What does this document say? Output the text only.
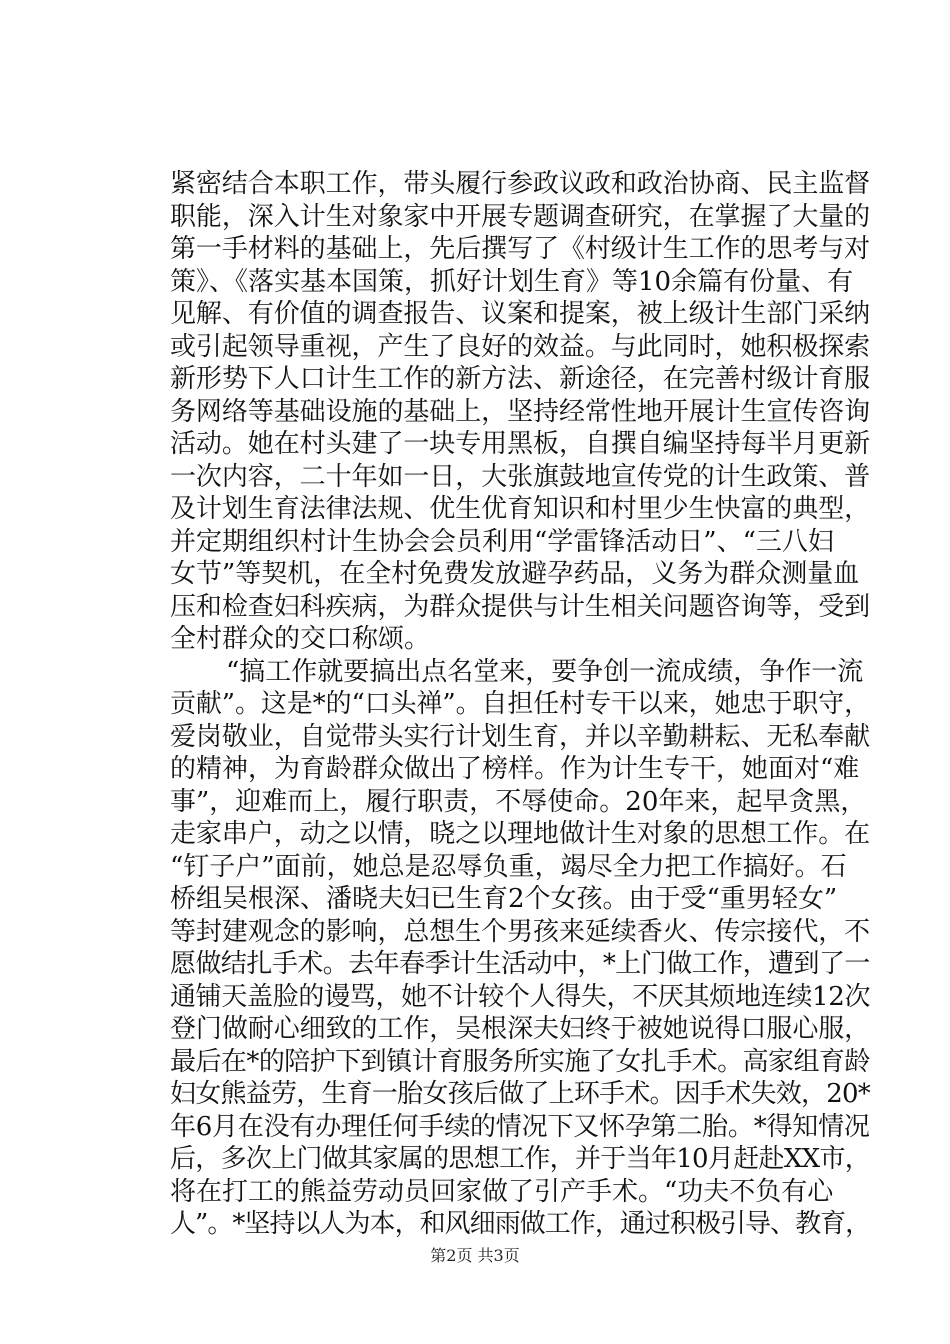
紧密结合本职工作，带头履行参政议政和政治协商、民主监督
职能，深入计生对象家中开展专题调查研究，在掌握了大量的
第一手材料的基础上，先后撰写了《村级计生工作的思考与对
策》、《落实基本国策，抓好计划生育》等10余篇有份量、有
见解、有价值的调查报告、议案和提案，被上级计生部门采纳
或引起领导重视，产生了良好的效益。与此同时，她积极探索
新形势下人口计生工作的新方法、新途径，在完善村级计育服
务网络等基础设施的基础上，坚持经常性地开展计生宣传咨询
活动。她在村头建了一块专用黑板，自撰自编坚持每半月更新
一次内容，二十年如一日，大张旗鼓地宣传党的计生政策、普
及计划生育法律法规、优生优育知识和村里少生快富的典型，
并定期组织村计生协会会员利用“学雷锋活动日”、“三八妇
女节”等契机，在全村免费发放避孕药品，义务为群众测量血
压和检查妇科疾病，为群众提供与计生相关问题咨询等，受到
全村群众的交口称颂。
“搞工作就要搞出点名堂来，要争创一流成绩，争作一流
贡献”。这是*的“口头禅”。自担任村专干以来，她忠于职守，
爱岗敬业，自觉带头实行计划生育，并以辛勤耕耘、无私奉献
的精神，为育龄群众做出了榜样。作为计生专干，她面对“难
事”，迎难而上，履行职责，不辱使命。20年来，起早贪黑，
走家串户，动之以情，晓之以理地做计生对象的思想工作。在
“钉子户”面前，她总是忍辱负重，竭尽全力把工作搞好。石
桥组吴根深、潘晓夫妇已生育2个女孩。由于受“重男轻女”
等封建观念的影响，总想生个男孩来延续香火、传宗接代，不
愿做结扎手术。去年春季计生活动中，*上门做工作，遭到了一
通铺天盖脸的谩骂，她不计较个人得失，不厌其烦地连续12次
登门做耐心细致的工作，吴根深夫妇终于被她说得口服心服，
最后在*的陪护下到镇计育服务所实施了女扎手术。高家组育龄
妇女熊益劳，生育一胎女孩后做了上环手术。因手术失效，20*
年6月在没有办理任何手续的情况下又怀孕第二胎。*得知情况
后，多次上门做其家属的思想工作，并于当年10月赶赴XX市，
将在打工的熊益劳动员回家做了引产手术。“功夫不负有心
人”。*坚持以人为本，和风细雨做工作，通过积极引导、教育，
第2页 共3页
